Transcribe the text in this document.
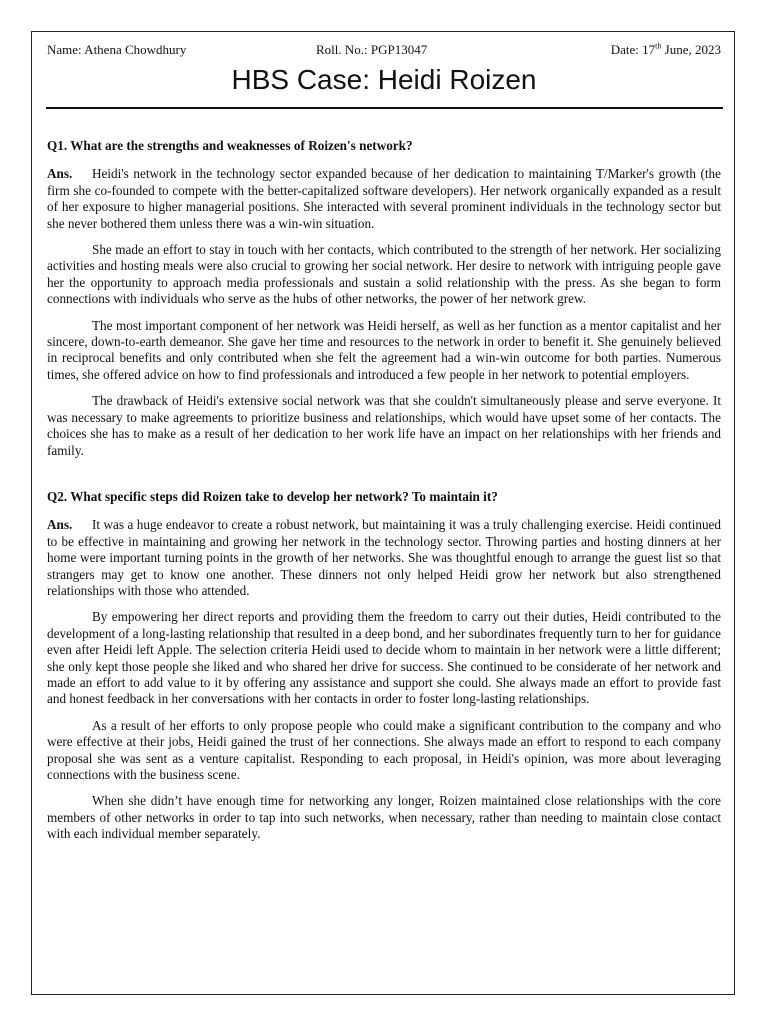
Name: Athena Chowdhury	Roll. No.: PGP13047	Date: 17th June, 2023
HBS Case: Heidi Roizen
Q1. What are the strengths and weaknesses of Roizen's network?

Ans. Heidi's network in the technology sector expanded because of her dedication to maintaining T/Marker's growth (the firm she co-founded to compete with the better-capitalized software developers). Her network organically expanded as a result of her exposure to higher managerial positions. She interacted with several prominent individuals in the technology sector but she never bothered them unless there was a win-win situation.

She made an effort to stay in touch with her contacts, which contributed to the strength of her network. Her socializing activities and hosting meals were also crucial to growing her social network. Her desire to network with intriguing people gave her the opportunity to approach media professionals and sustain a solid relationship with the press. As she began to form connections with individuals who serve as the hubs of other networks, the power of her network grew.

The most important component of her network was Heidi herself, as well as her function as a mentor capitalist and her sincere, down-to-earth demeanor. She gave her time and resources to the network in order to benefit it. She genuinely believed in reciprocal benefits and only contributed when she felt the agreement had a win-win outcome for both parties. Numerous times, she offered advice on how to find professionals and introduced a few people in her network to potential employers.

The drawback of Heidi's extensive social network was that she couldn't simultaneously please and serve everyone. It was necessary to make agreements to prioritize business and relationships, which would have upset some of her contacts. The choices she has to make as a result of her dedication to her work life have an impact on her relationships with her friends and family.

Q2. What specific steps did Roizen take to develop her network? To maintain it?

Ans. It was a huge endeavor to create a robust network, but maintaining it was a truly challenging exercise. Heidi continued to be effective in maintaining and growing her network in the technology sector. Throwing parties and hosting dinners at her home were important turning points in the growth of her networks. She was thoughtful enough to arrange the guest list so that strangers may get to know one another. These dinners not only helped Heidi grow her network but also strengthened relationships with those who attended.

By empowering her direct reports and providing them the freedom to carry out their duties, Heidi contributed to the development of a long-lasting relationship that resulted in a deep bond, and her subordinates frequently turn to her for guidance even after Heidi left Apple. The selection criteria Heidi used to decide whom to maintain in her network were a little different; she only kept those people she liked and who shared her drive for success. She continued to be considerate of her network and made an effort to add value to it by offering any assistance and support she could. She always made an effort to provide fast and honest feedback in her conversations with her contacts in order to foster long-lasting relationships.

As a result of her efforts to only propose people who could make a significant contribution to the company and who were effective at their jobs, Heidi gained the trust of her connections. She always made an effort to respond to each company proposal she was sent as a venture capitalist. Responding to each proposal, in Heidi's opinion, was more about leveraging connections with the business scene.

When she didn’t have enough time for networking any longer, Roizen maintained close relationships with the core members of other networks in order to tap into such networks, when necessary, rather than needing to maintain close contact with each individual member separately.
